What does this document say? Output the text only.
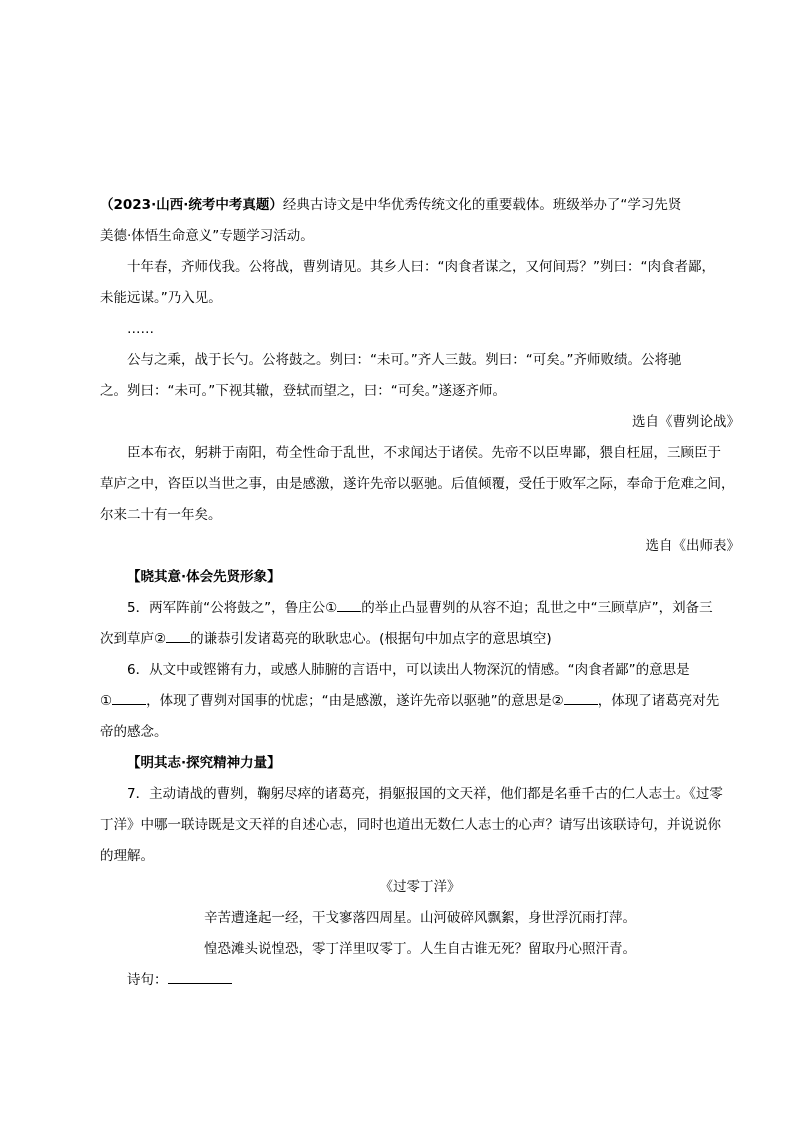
（2023·山西·统考中考真题）经典古诗文是中华优秀传统文化的重要载体。班级举办了“学习先贤

美德·体悟生命意义”专题学习活动。

十年春，齐师伐我。公将战，曹刿请见。其乡人曰：“肉食者谋之，又何间焉？”刿曰：“肉食者鄙，

未能远谋。”乃入见。

……

公与之乘，战于长勺。公将鼓之。刿曰：“未可。”齐人三鼓。刿曰：“可矣。”齐师败绩。公将驰

之。刿曰：“未可。”下视其辙，登轼而望之，曰：“可矣。”遂逐齐师。

选自《曹刿论战》

臣本布衣，躬耕于南阳，苟全性命于乱世，不求闻达于诸侯。先帝不以臣卑鄙，猥自枉屈，三顾臣于

草庐之中，咨臣以当世之事，由是感激，遂许先帝以驱驰。后值倾覆，受任于败军之际，奉命于危难之间，

尔来二十有一年矣。

选自《出师表》

【晓其意·体会先贤形象】

5．两军阵前“公将鼓之”，鲁庄公① 的举止凸显曹刿的从容不迫；乱世之中“三顾草庐”，刘备三

次到草庐② 的谦恭引发诸葛亮的耿耿忠心。(根据句中加点字的意思填空)

6．从文中或铿锵有力，或感人肺腑的言语中，可以读出人物深沉的情感。“肉食者鄙”的意思是

①	，体现了曹刿对国事的忧虑；“由是感激，遂许先帝以驱驰”的意思是②	，体现了诸葛亮对先

帝的感念。

【明其志·探究精神力量】

7．主动请战的曹刿，鞠躬尽瘁的诸葛亮，捐躯报国的文天祥，他们都是名垂千古的仁人志士。《过零

丁洋》中哪一联诗既是文天祥的自述心志，同时也道出无数仁人志士的心声？请写出该联诗句，并说说你

的理解。

《过零丁洋》

辛苦遭逢起一经，干戈寥落四周星。山河破碎风飘絮，身世浮沉雨打萍。

惶恐滩头说惶恐，零丁洋里叹零丁。人生自古谁无死？留取丹心照汗青。

诗句：
